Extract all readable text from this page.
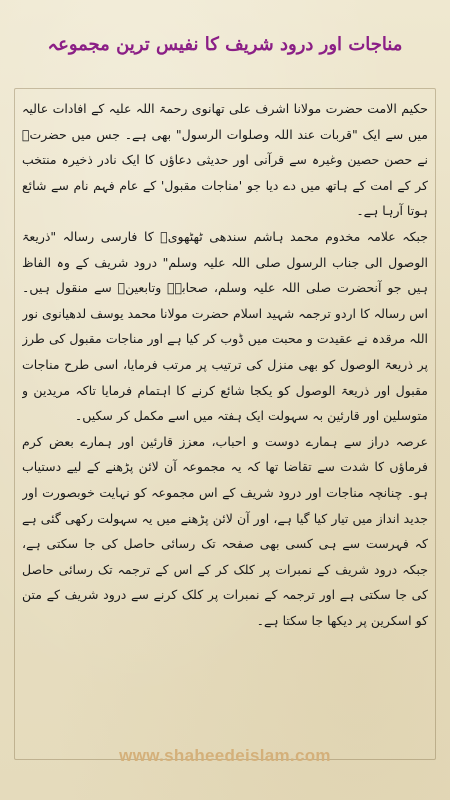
مناجات اور درود شریف کا نفیس ترین مجموعہ

حکیم الامت حضرت مولانا اشرف علی تھانوی رحمۃ اللہ علیہ کے افادات عالیہ میں سے ایک "قربات عند اللہ وصلوات الرسول" بھی ہے۔ جس میں حضرتؒ نے حصن حصین وغیرہ سے قرآنی اور حدیثی دعاؤں کا ایک نادر ذخیرہ منتخب کر کے امت کے ہاتھ میں دے دیا جو 'مناجات مقبول' کے عام فہم نام سے شائع ہوتا آرہا ہے۔

جبکہ علامہ مخدوم محمد ہاشم سندھی ٹھٹھویؒ کا فارسی رسالہ "ذریعۃ الوصول الی جناب الرسول صلی اللہ علیہ وسلم" درود شریف کے وہ الفاظ ہیں جو آنحضرت صلی اللہ علیہ وسلم، صحابہؓ وتابعینؒ سے منقول ہیں۔ اس رسالہ کا اردو ترجمہ شہید اسلام حضرت مولانا محمد یوسف لدھیانوی نور اللہ مرقدہ نے عقیدت و محبت میں ڈوب کر کیا ہے اور مناجات مقبول کی طرز پر ذریعۃ الوصول کو بھی منزل کی ترتیب پر مرتب فرمایا، اسی طرح مناجات مقبول اور ذریعۃ الوصول کو یکجا شائع کرنے کا اہتمام فرمایا تاکہ مریدین و متوسلین اور قارئین بہ سہولت ایک ہفتہ میں اسے مکمل کر سکیں۔

عرصہ دراز سے ہمارے دوست و احباب، معزز قارئین اور ہمارے بعض کرم فرماؤں کا شدت سے تقاضا تھا کہ یہ مجموعہ آن لائن پڑھنے کے لیے دستیاب ہو۔ چنانچہ مناجات اور درود شریف کے اس مجموعہ کو نہایت خوبصورت اور جدید انداز میں تیار کیا گیا ہے، اور آن لائن پڑھنے میں یہ سہولت رکھی گئی ہے کہ فہرست سے ہی کسی بھی صفحہ تک رسائی حاصل کی جا سکتی ہے، جبکہ درود شریف کے نمبرات پر کلک کر کے اس کے ترجمہ تک رسائی حاصل کی جا سکتی ہے اور ترجمہ کے نمبرات پر کلک کرنے سے درود شریف کے متن کو اسکرین پر دیکھا جا سکتا ہے۔

www.shaheedeislam.com
